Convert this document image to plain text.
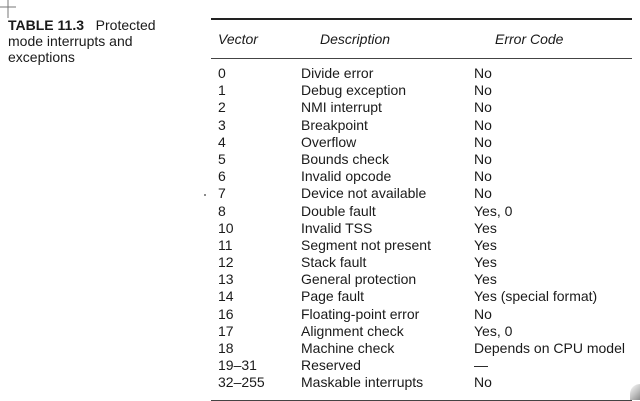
TABLE 11.3 Protected mode interrupts and exceptions
Vector	Description	Error Code
0	Divide error	No
1	Debug exception	No
2	NMI interrupt	No
3	Breakpoint	No
4	Overflow	No
5	Bounds check	No
6	Invalid opcode	No
7	Device not available	No
8	Double fault	Yes, 0
10	Invalid TSS	Yes
11	Segment not present	Yes
12	Stack fault	Yes
13	General protection	Yes
14	Page fault	Yes (special format)
16	Floating-point error	No
17	Alignment check	Yes, 0
18	Machine check	Depends on CPU model
19–31	Reserved	—
32–255	Maskable interrupts	No
